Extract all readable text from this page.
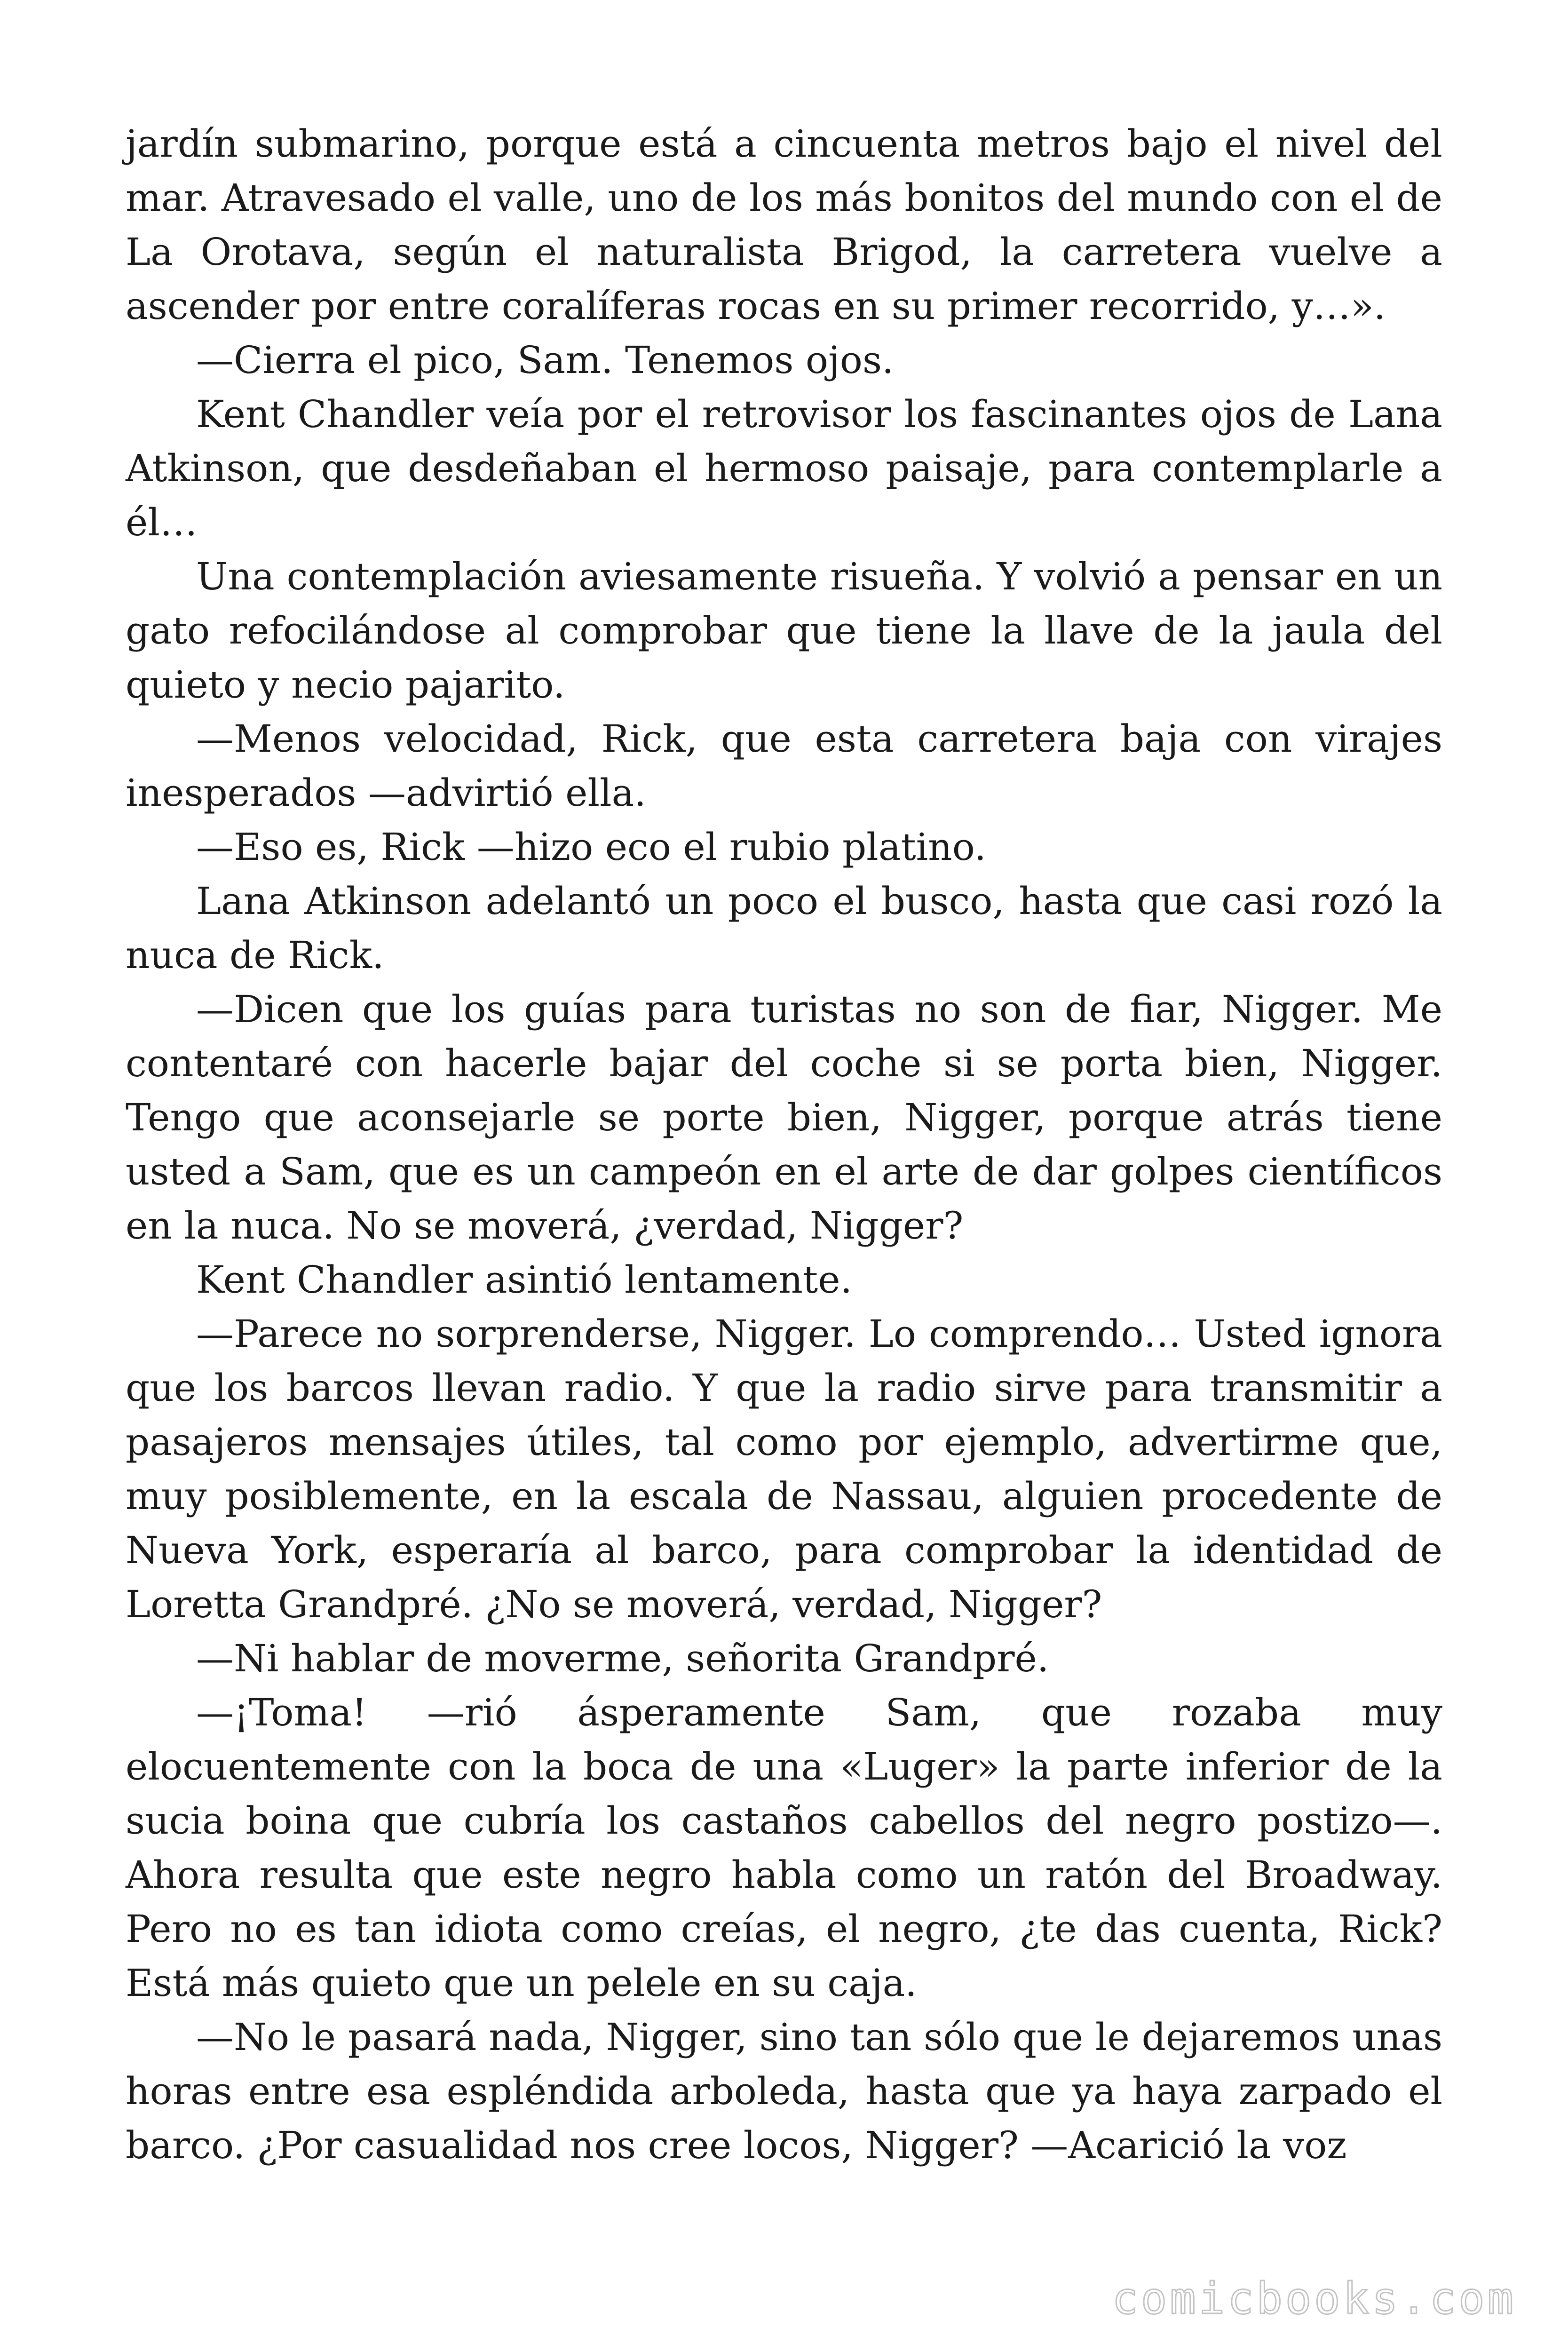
jardín submarino, porque está a cincuenta metros bajo el nivel del mar. Atravesado el valle, uno de los más bonitos del mundo con el de La Orotava, según el naturalista Brigod, la carretera vuelve a ascender por entre coralíferas rocas en su primer recorrido, y…».

—Cierra el pico, Sam. Tenemos ojos.

Kent Chandler veía por el retrovisor los fascinantes ojos de Lana Atkinson, que desdeñaban el hermoso paisaje, para contemplarle a él…

Una contemplación aviesamente risueña. Y volvió a pensar en un gato refocilándose al comprobar que tiene la llave de la jaula del quieto y necio pajarito.

—Menos velocidad, Rick, que esta carretera baja con virajes inesperados —advirtió ella.

—Eso es, Rick —hizo eco el rubio platino.

Lana Atkinson adelantó un poco el busco, hasta que casi rozó la nuca de Rick.

—Dicen que los guías para turistas no son de fiar, Nigger. Me contentaré con hacerle bajar del coche si se porta bien, Nigger. Tengo que aconsejarle se porte bien, Nigger, porque atrás tiene usted a Sam, que es un campeón en el arte de dar golpes científicos en la nuca. No se moverá, ¿verdad, Nigger?

Kent Chandler asintió lentamente.

—Parece no sorprenderse, Nigger. Lo comprendo… Usted ignora que los barcos llevan radio. Y que la radio sirve para transmitir a pasajeros mensajes útiles, tal como por ejemplo, advertirme que, muy posiblemente, en la escala de Nassau, alguien procedente de Nueva York, esperaría al barco, para comprobar la identidad de Loretta Grandpré. ¿No se moverá, verdad, Nigger?

—Ni hablar de moverme, señorita Grandpré.

—¡Toma! —rió ásperamente Sam, que rozaba muy elocuentemente con la boca de una «Luger» la parte inferior de la sucia boina que cubría los castaños cabellos del negro postizo—. Ahora resulta que este negro habla como un ratón del Broadway. Pero no es tan idiota como creías, el negro, ¿te das cuenta, Rick? Está más quieto que un pelele en su caja.

—No le pasará nada, Nigger, sino tan sólo que le dejaremos unas horas entre esa espléndida arboleda, hasta que ya haya zarpado el barco. ¿Por casualidad nos cree locos, Nigger? —Acarició la voz

comicbooks.com
